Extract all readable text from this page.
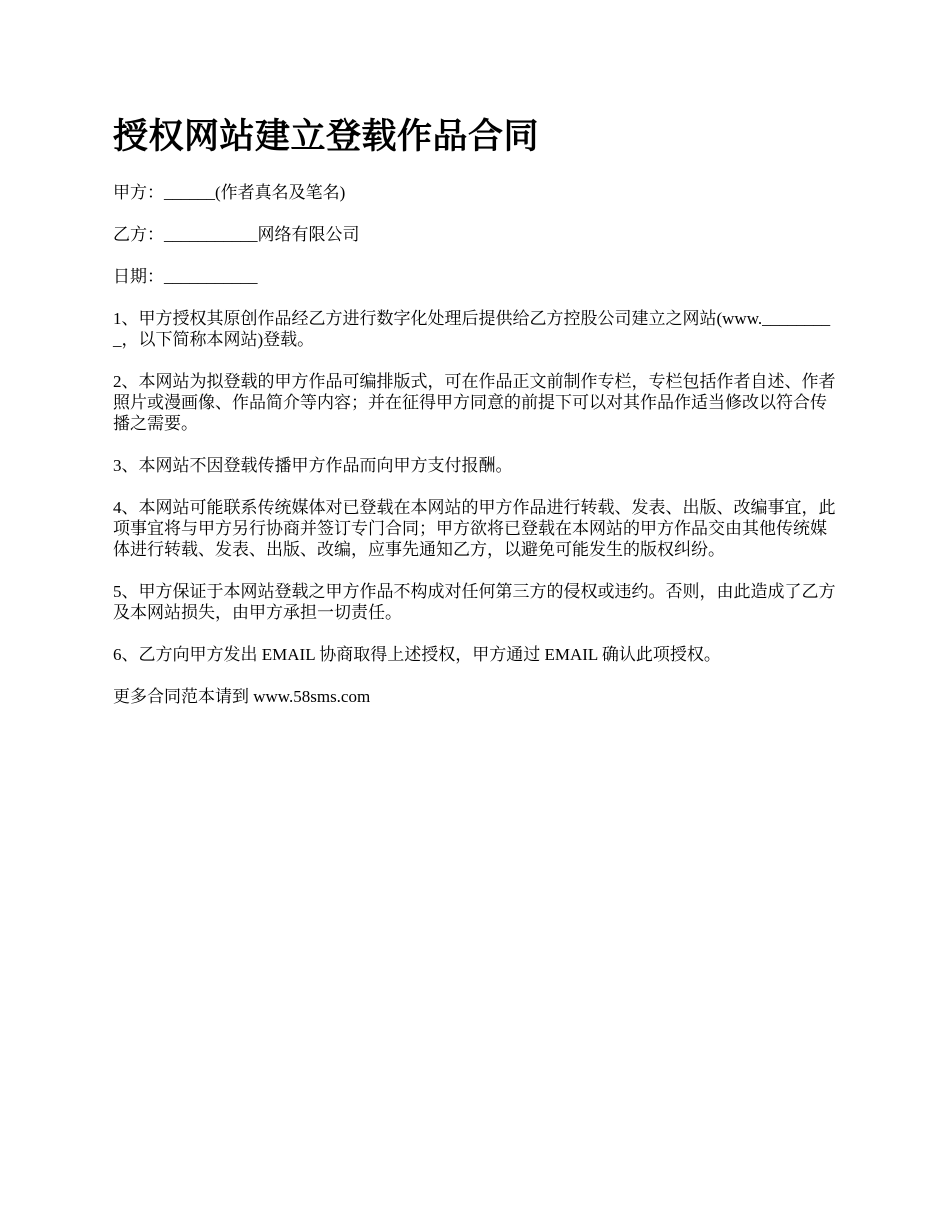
授权网站建立登载作品合同

甲方：______(作者真名及笔名)

乙方：___________网络有限公司

日期：___________

1、甲方授权其原创作品经乙方进行数字化处理后提供给乙方控股公司建立之网站(www._________，以下简称本网站)登载。

2、本网站为拟登载的甲方作品可编排版式，可在作品正文前制作专栏，专栏包括作者自述、作者照片或漫画像、作品简介等内容；并在征得甲方同意的前提下可以对其作品作适当修改以符合传播之需要。

3、本网站不因登载传播甲方作品而向甲方支付报酬。

4、本网站可能联系传统媒体对已登载在本网站的甲方作品进行转载、发表、出版、改编事宜，此项事宜将与甲方另行协商并签订专门合同；甲方欲将已登载在本网站的甲方作品交由其他传统媒体进行转载、发表、出版、改编，应事先通知乙方，以避免可能发生的版权纠纷。

5、甲方保证于本网站登载之甲方作品不构成对任何第三方的侵权或违约。否则，由此造成了乙方及本网站损失，由甲方承担一切责任。

6、乙方向甲方发出 EMAIL 协商取得上述授权，甲方通过 EMAIL 确认此项授权。

更多合同范本请到 www.58sms.com
